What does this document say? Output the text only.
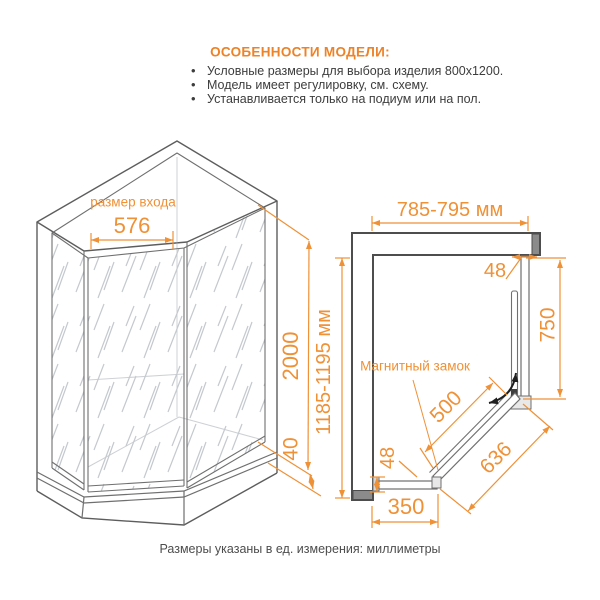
ОСОБЕННОСТИ МОДЕЛИ:
• Условные размеры для выбора изделия 800x1200.
• Модель имеет регулировку, см. схему.
• Устанавливается только на подиум или на пол.
размер входа
576
2000
40
785-795 мм
1185-1195 мм
48
750
Магнитный замок
500
636
48
350
Размеры указаны в ед. измерения: миллиметры
